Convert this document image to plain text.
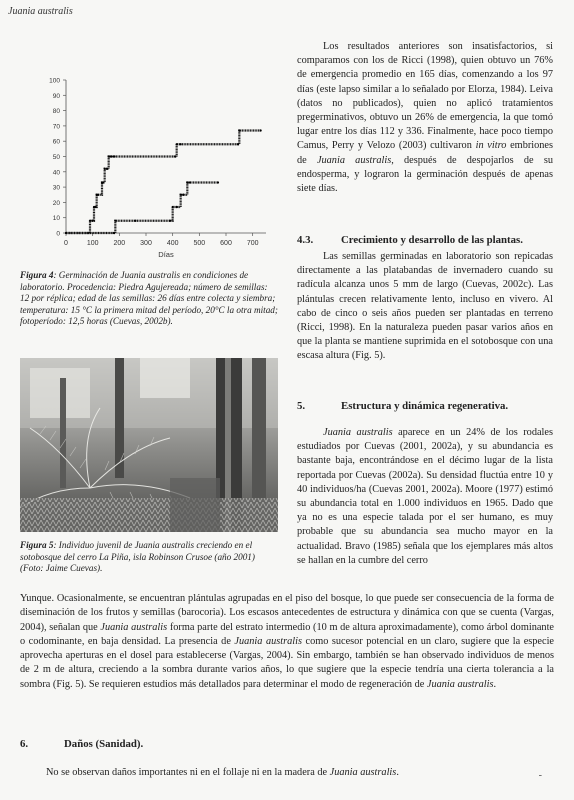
Juania australis
0
10
20
30
40
50
60
70
80
90
100
0	100 200 300 400 500 600 700
Días
Figura 4: Germinación de Juania australis en condiciones de laboratorio. Procedencia: Piedra Agujereada; número de semillas: 12 por réplica; edad de las semillas: 26 días entre colecta y siembra; temperatura: 15 °C la primera mitad del período, 20°C la otra mitad; fotoperíodo: 12,5 horas (Cuevas, 2002b).
Figura 5: Individuo juvenil de Juania australis creciendo en el sotobosque del cerro La Piña, isla Robinson Crusoe (año 2001) (Foto: Jaime Cuevas).

Los resultados anteriores son insatisfactorios, si comparamos con los de Ricci (1998), quien obtuvo un 76% de emergencia promedio en 165 días, comenzando a los 97 días (este lapso similar a lo señalado por Elorza, 1984). Leiva (datos no publicados), quien no aplicó tratamientos pregerminativos, obtuvo un 26% de emergencia, la que tomó lugar entre los días 112 y 336. Finalmente, hace poco tiempo Camus, Perry y Velozo (2003) cultivaron in vitro embriones de Juania australis, después de despojarlos de su endosperma, y lograron la germinación después de apenas siete días.

4.3.	Crecimiento y desarrollo de las plantas.

Las semillas germinadas en laboratorio son repicadas directamente a las platabandas de invernadero cuando su radícula alcanza unos 5 mm de largo (Cuevas, 2002c). Las plántulas crecen relativamente lento, incluso en vivero. Al cabo de cinco o seis años pueden ser plantadas en terreno (Ricci, 1998). En la naturaleza pueden pasar varios años en que la planta se mantiene suprimida en el sotobosque con una escasa altura (Fig. 5).

5.	Estructura y dinámica regenerativa.

Juania australis aparece en un 24% de los rodales estudiados por Cuevas (2001, 2002a), y su abundancia es bastante baja, encontrándose en el décimo lugar de la lista reportada por Cuevas (2002a). Su densidad fluctúa entre 10 y 40 individuos/ha (Cuevas 2001, 2002a). Moore (1977) estimó su abundancia total en 1.000 individuos en 1965. Dado que ya no es una especie talada por el ser humano, es muy probable que su abundancia sea mucho mayor en la actualidad. Bravo (1985) señala que los ejemplares más altos se hallan en la cumbre del cerro

Yunque. Ocasionalmente, se encuentran plántulas agrupadas en el piso del bosque, lo que puede ser consecuencia de la forma de diseminación de los frutos y semillas (barocoria). Los escasos antecedentes de estructura y dinámica con que se cuenta (Vargas, 2004), señalan que Juania australis forma parte del estrato intermedio (10 m de altura aproximadamente), como árbol dominante o codominante, en baja densidad. La presencia de Juania australis como sucesor potencial en un claro, sugiere que la especie aprovecha aperturas en el dosel para establecerse (Vargas, 2004). Sin embargo, también se han observado individuos de menos de 2 m de altura, creciendo a la sombra durante varios años, lo que sugiere que la especie tendría una cierta tolerancia a la sombra (Fig. 5). Se requieren estudios más detallados para determinar el modo de regeneración de Juania australis.

6.	Daños (Sanidad).

No se observan daños importantes ni en el follaje ni en la madera de Juania australis.	-
